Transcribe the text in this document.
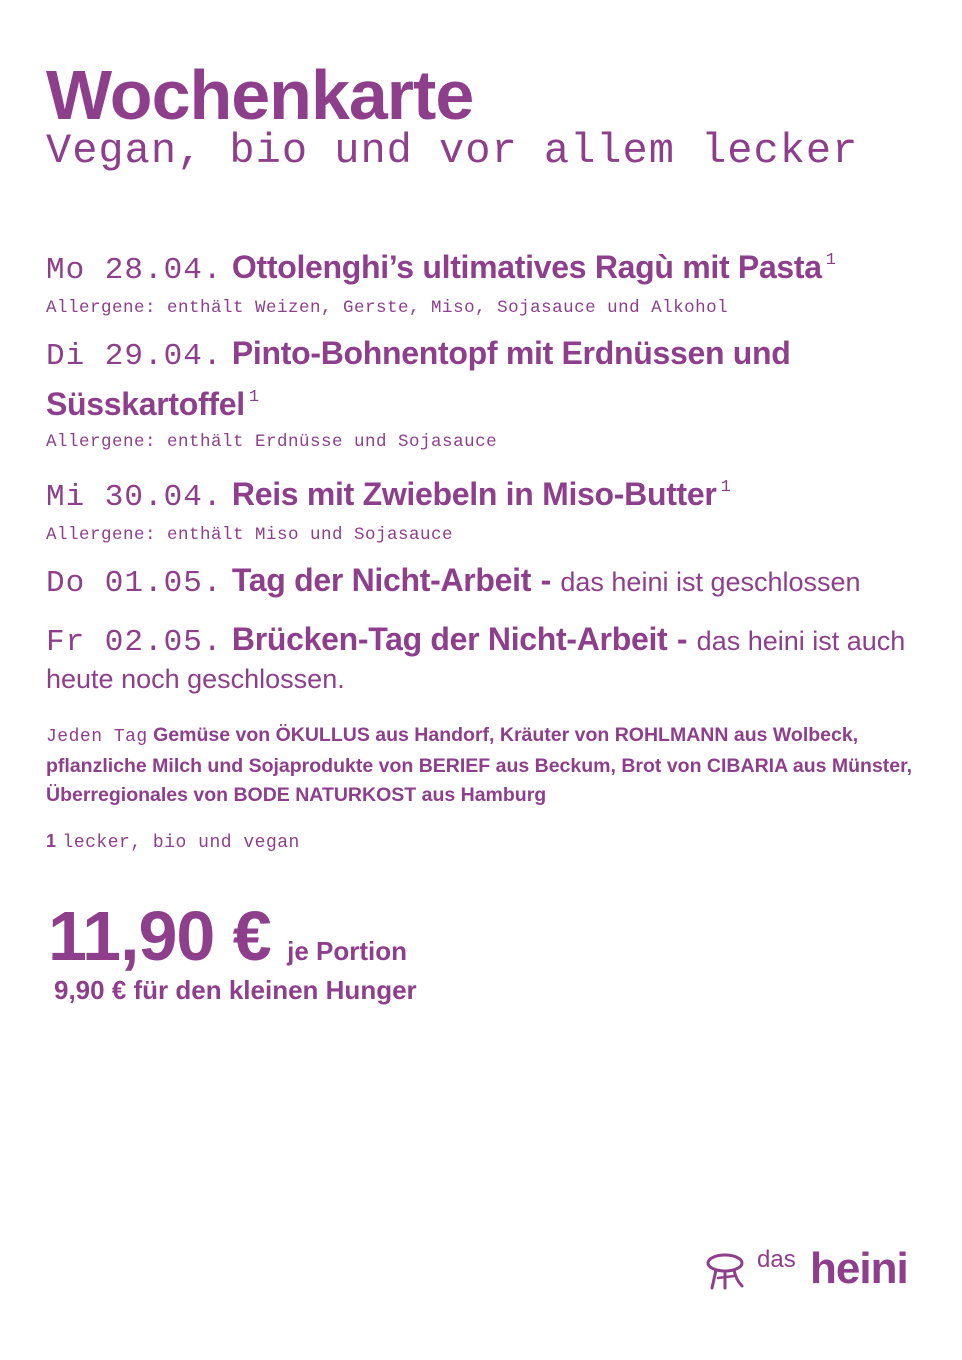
Wochenkarte
Vegan, bio und vor allem lecker
Mo 28.04. Ottolenghi’s ultimatives Ragù mit Pasta $^1$
Allergene: enthält Weizen, Gerste, Miso, Sojasauce und Alkohol
Di 29.04. Pinto-Bohnentopf mit Erdnüssen und Süsskartoffel $^1$
Allergene: enthält Erdnüsse und Sojasauce
Mi 30.04. Reis mit Zwiebeln in Miso-Butter $^1$
Allergene: enthält Miso und Sojasauce
Do 01.05. Tag der Nicht-Arbeit - das heini ist geschlossen
Fr 02.05. Brücken-Tag der Nicht-Arbeit - das heini ist auch heute noch geschlossen.
Jeden Tag Gemüse von ÖKULLUS aus Handorf, Kräuter von ROHLMANN aus Wolbeck, pflanzliche Milch und Sojaprodukte von BERIEF aus Beckum, Brot von CIBARIA aus Münster, Überregionales von BODE NATURKOST aus Hamburg
1 lecker, bio und vegan
11,90 € je Portion
9,90 € für den kleinen Hunger
das heini
